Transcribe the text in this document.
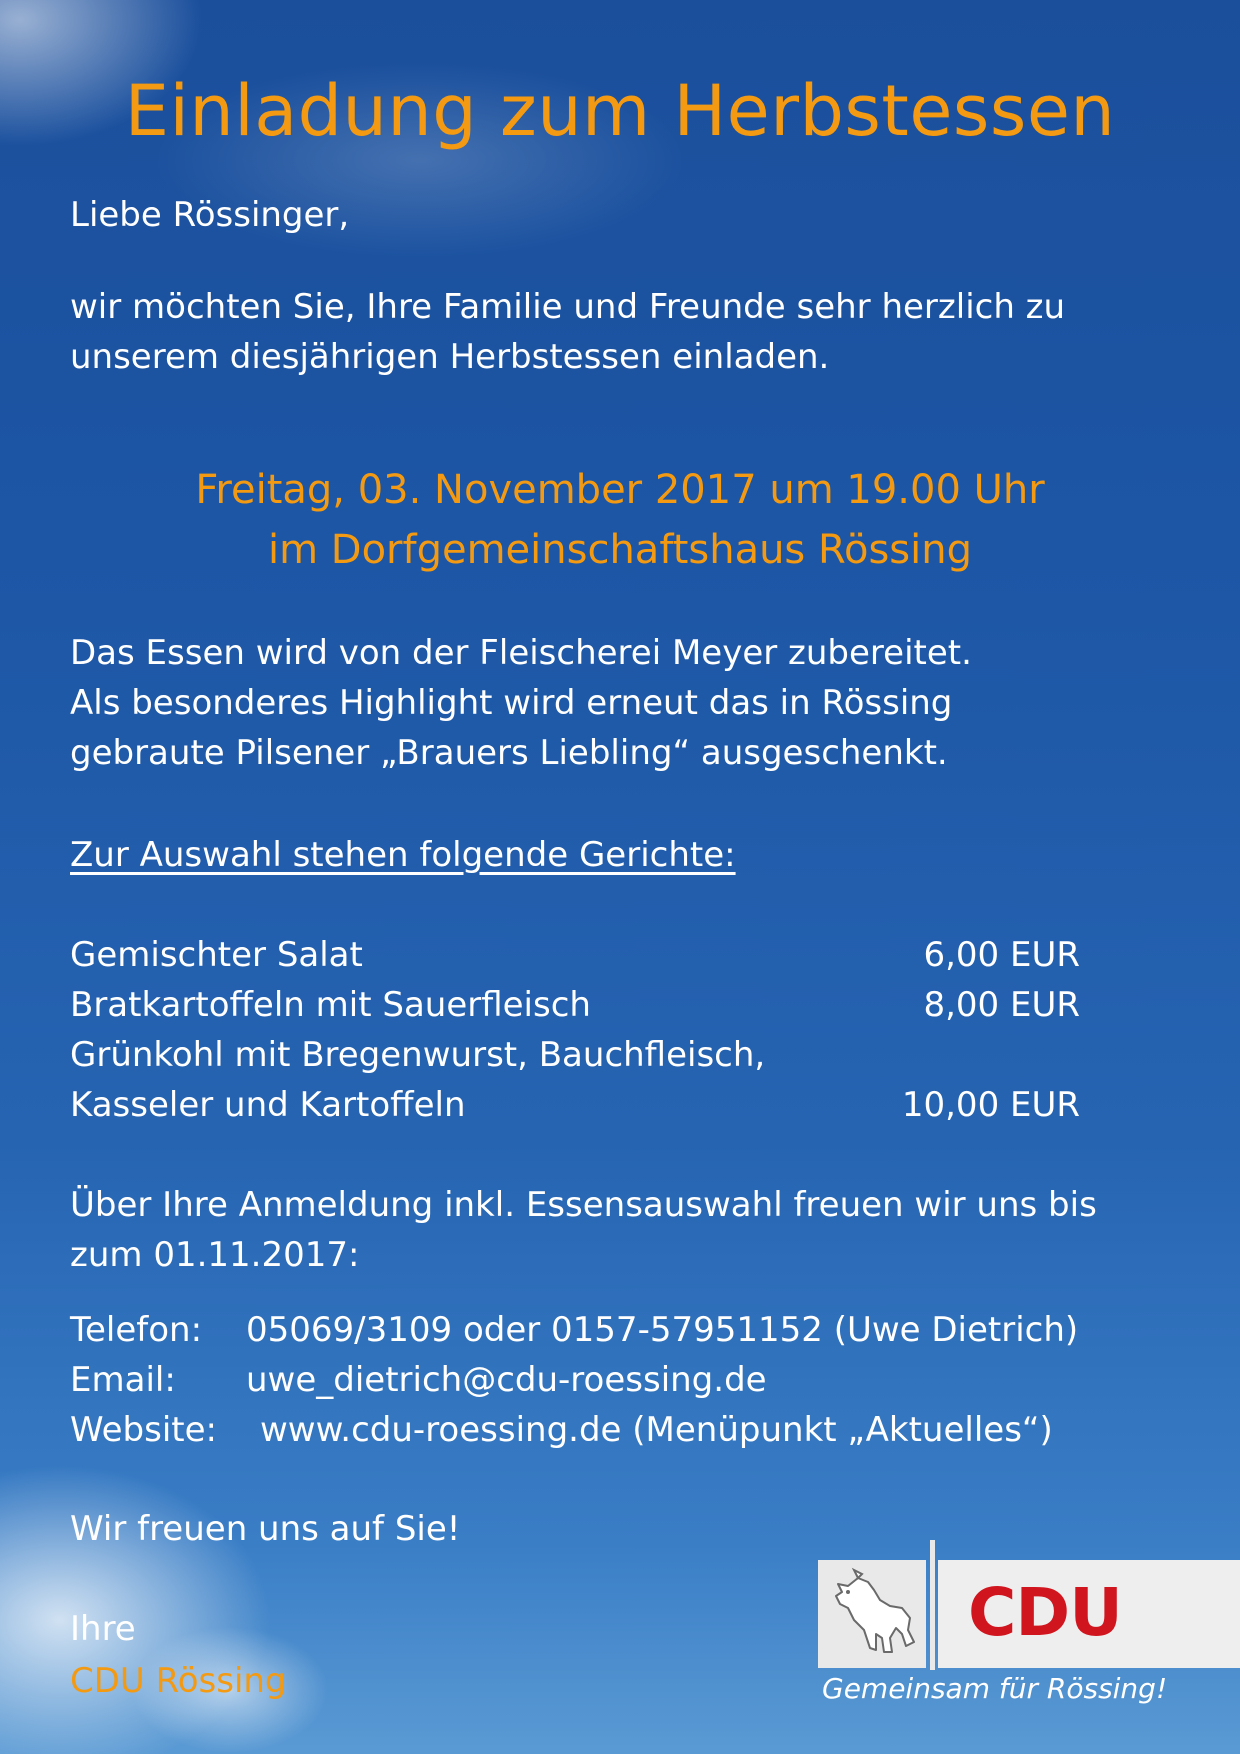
Einladung zum Herbstessen
Liebe Rössinger,
wir möchten Sie, Ihre Familie und Freunde sehr herzlich zu
unserem diesjährigen Herbstessen einladen.
Freitag, 03. November 2017 um 19.00 Uhr
im Dorfgemeinschaftshaus Rössing
Das Essen wird von der Fleischerei Meyer zubereitet.
Als besonderes Highlight wird erneut das in Rössing
gebraute Pilsener „Brauers Liebling“ ausgeschenkt.
Zur Auswahl stehen folgende Gerichte:
Gemischter Salat	6,00 EUR
Bratkartoffeln mit Sauerfleisch	8,00 EUR
Grünkohl mit Bregenwurst, Bauchfleisch,
Kasseler und Kartoffeln	10,00 EUR
Über Ihre Anmeldung inkl. Essensauswahl freuen wir uns bis
zum 01.11.2017:
Telefon: 05069/3109 oder 0157-57951152 (Uwe Dietrich)
Email: uwe_dietrich@cdu-roessing.de
Website: www.cdu-roessing.de (Menüpunkt „Aktuelles“)
Wir freuen uns auf Sie!
Ihre
CDU Rössing
CDU
Gemeinsam für Rössing!
